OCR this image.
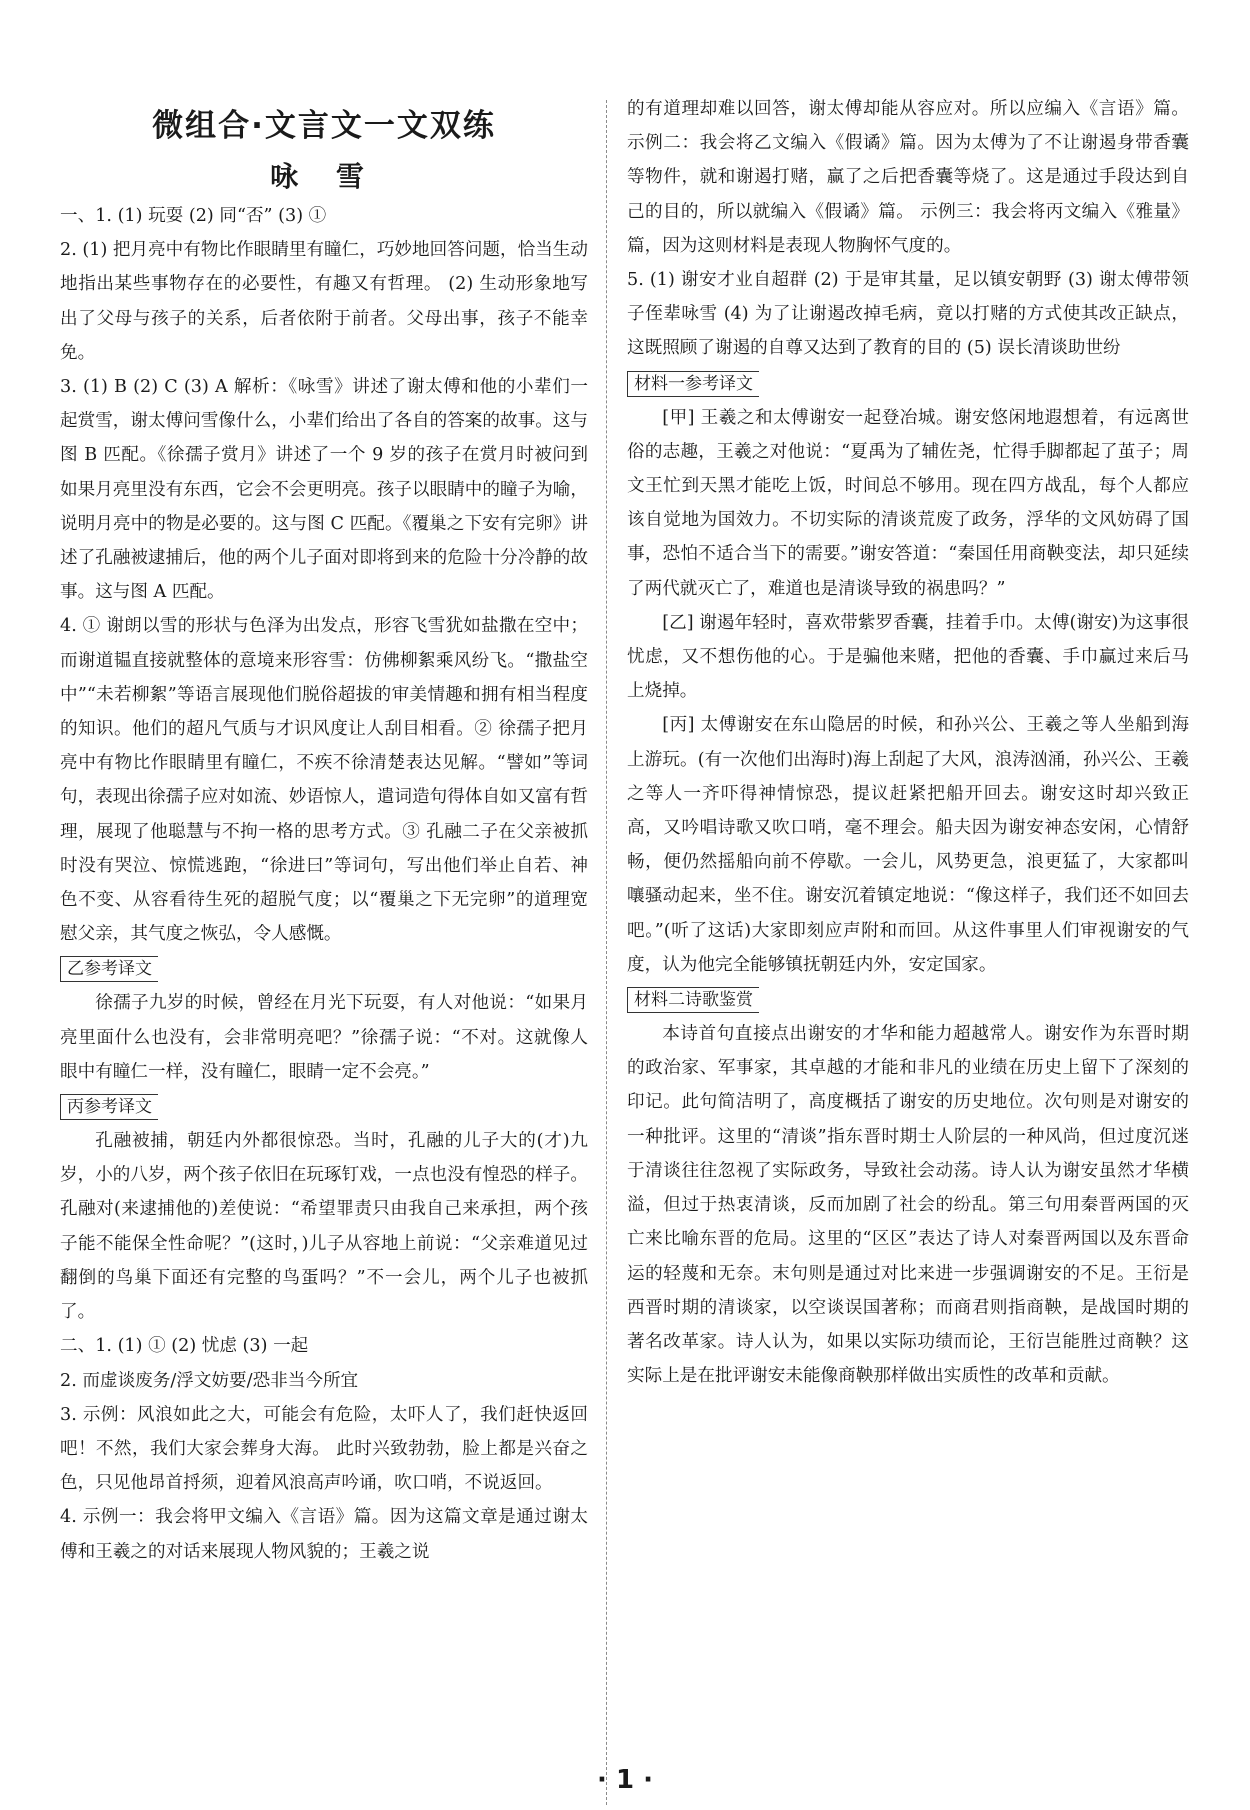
微组合·文言文一文双练
咏 雪

一、1. (1) 玩耍 (2) 同“否” (3) ①

2. (1) 把月亮中有物比作眼睛里有瞳仁，巧妙地回答问题，恰当生动地指出某些事物存在的必要性，有趣又有哲理。 (2) 生动形象地写出了父母与孩子的关系，后者依附于前者。父母出事，孩子不能幸免。

3. (1) B (2) C (3) A 解析：《咏雪》讲述了谢太傅和他的小辈们一起赏雪，谢太傅问雪像什么，小辈们给出了各自的答案的故事。这与图 B 匹配。《徐孺子赏月》讲述了一个 9 岁的孩子在赏月时被问到如果月亮里没有东西，它会不会更明亮。孩子以眼睛中的瞳子为喻，说明月亮中的物是必要的。这与图 C 匹配。《覆巢之下安有完卵》讲述了孔融被逮捕后，他的两个儿子面对即将到来的危险十分冷静的故事。这与图 A 匹配。

4. ① 谢朗以雪的形状与色泽为出发点，形容飞雪犹如盐撒在空中；而谢道韫直接就整体的意境来形容雪：仿佛柳絮乘风纷飞。“撒盐空中”“未若柳絮”等语言展现他们脱俗超拔的审美情趣和拥有相当程度的知识。他们的超凡气质与才识风度让人刮目相看。② 徐孺子把月亮中有物比作眼睛里有瞳仁，不疾不徐清楚表达见解。“譬如”等词句，表现出徐孺子应对如流、妙语惊人，遣词造句得体自如又富有哲理，展现了他聪慧与不拘一格的思考方式。③ 孔融二子在父亲被抓时没有哭泣、惊慌逃跑，“徐进曰”等词句，写出他们举止自若、神色不变、从容看待生死的超脱气度；以“覆巢之下无完卵”的道理宽慰父亲，其气度之恢弘，令人感慨。

乙参考译文

徐孺子九岁的时候，曾经在月光下玩耍，有人对他说：“如果月亮里面什么也没有，会非常明亮吧？”徐孺子说：“不对。这就像人眼中有瞳仁一样，没有瞳仁，眼睛一定不会亮。”

丙参考译文

孔融被捕，朝廷内外都很惊恐。当时，孔融的儿子大的(才)九岁，小的八岁，两个孩子依旧在玩琢钉戏，一点也没有惶恐的样子。孔融对(来逮捕他的)差使说：“希望罪责只由我自己来承担，两个孩子能不能保全性命呢？”(这时，)儿子从容地上前说：“父亲难道见过翻倒的鸟巢下面还有完整的鸟蛋吗？”不一会儿，两个儿子也被抓了。

二、1. (1) ① (2) 忧虑 (3) 一起

2. 而虚谈废务/浮文妨要/恐非当今所宜

3. 示例：风浪如此之大，可能会有危险，太吓人了，我们赶快返回吧！不然，我们大家会葬身大海。 此时兴致勃勃，脸上都是兴奋之色，只见他昂首捋须，迎着风浪高声吟诵，吹口哨，不说返回。

4. 示例一：我会将甲文编入《言语》篇。因为这篇文章是通过谢太傅和王羲之的对话来展现人物风貌的；王羲之说

的有道理却难以回答，谢太傅却能从容应对。所以应编入《言语》篇。 示例二：我会将乙文编入《假谲》篇。因为太傅为了不让谢遏身带香囊等物件，就和谢遏打赌，赢了之后把香囊等烧了。这是通过手段达到自己的目的，所以就编入《假谲》篇。 示例三：我会将丙文编入《雅量》篇，因为这则材料是表现人物胸怀气度的。

5. (1) 谢安才业自超群 (2) 于是审其量，足以镇安朝野 (3) 谢太傅带领子侄辈咏雪 (4) 为了让谢遏改掉毛病，竟以打赌的方式使其改正缺点，这既照顾了谢遏的自尊又达到了教育的目的 (5) 误长清谈助世纷

材料一参考译文

[甲] 王羲之和太傅谢安一起登冶城。谢安悠闲地遐想着，有远离世俗的志趣，王羲之对他说：“夏禹为了辅佐尧，忙得手脚都起了茧子；周文王忙到天黑才能吃上饭，时间总不够用。现在四方战乱，每个人都应该自觉地为国效力。不切实际的清谈荒废了政务，浮华的文风妨碍了国事，恐怕不适合当下的需要。”谢安答道：“秦国任用商鞅变法，却只延续了两代就灭亡了，难道也是清谈导致的祸患吗？”

[乙] 谢遏年轻时，喜欢带紫罗香囊，挂着手巾。太傅(谢安)为这事很忧虑，又不想伤他的心。于是骗他来赌，把他的香囊、手巾赢过来后马上烧掉。

[丙] 太傅谢安在东山隐居的时候，和孙兴公、王羲之等人坐船到海上游玩。(有一次他们出海时)海上刮起了大风，浪涛汹涌，孙兴公、王羲之等人一齐吓得神情惊恐，提议赶紧把船开回去。谢安这时却兴致正高，又吟唱诗歌又吹口哨，毫不理会。船夫因为谢安神态安闲，心情舒畅，便仍然摇船向前不停歇。一会儿，风势更急，浪更猛了，大家都叫嚷骚动起来，坐不住。谢安沉着镇定地说：“像这样子，我们还不如回去吧。”(听了这话)大家即刻应声附和而回。从这件事里人们审视谢安的气度，认为他完全能够镇抚朝廷内外，安定国家。

材料二诗歌鉴赏

本诗首句直接点出谢安的才华和能力超越常人。谢安作为东晋时期的政治家、军事家，其卓越的才能和非凡的业绩在历史上留下了深刻的印记。此句简洁明了，高度概括了谢安的历史地位。次句则是对谢安的一种批评。这里的“清谈”指东晋时期士人阶层的一种风尚，但过度沉迷于清谈往往忽视了实际政务，导致社会动荡。诗人认为谢安虽然才华横溢，但过于热衷清谈，反而加剧了社会的纷乱。第三句用秦晋两国的灭亡来比喻东晋的危局。这里的“区区”表达了诗人对秦晋两国以及东晋命运的轻蔑和无奈。末句则是通过对比来进一步强调谢安的不足。王衍是西晋时期的清谈家，以空谈误国著称；而商君则指商鞅，是战国时期的著名改革家。诗人认为，如果以实际功绩而论，王衍岂能胜过商鞅？这实际上是在批评谢安未能像商鞅那样做出实质性的改革和贡献。

· 1 ·
